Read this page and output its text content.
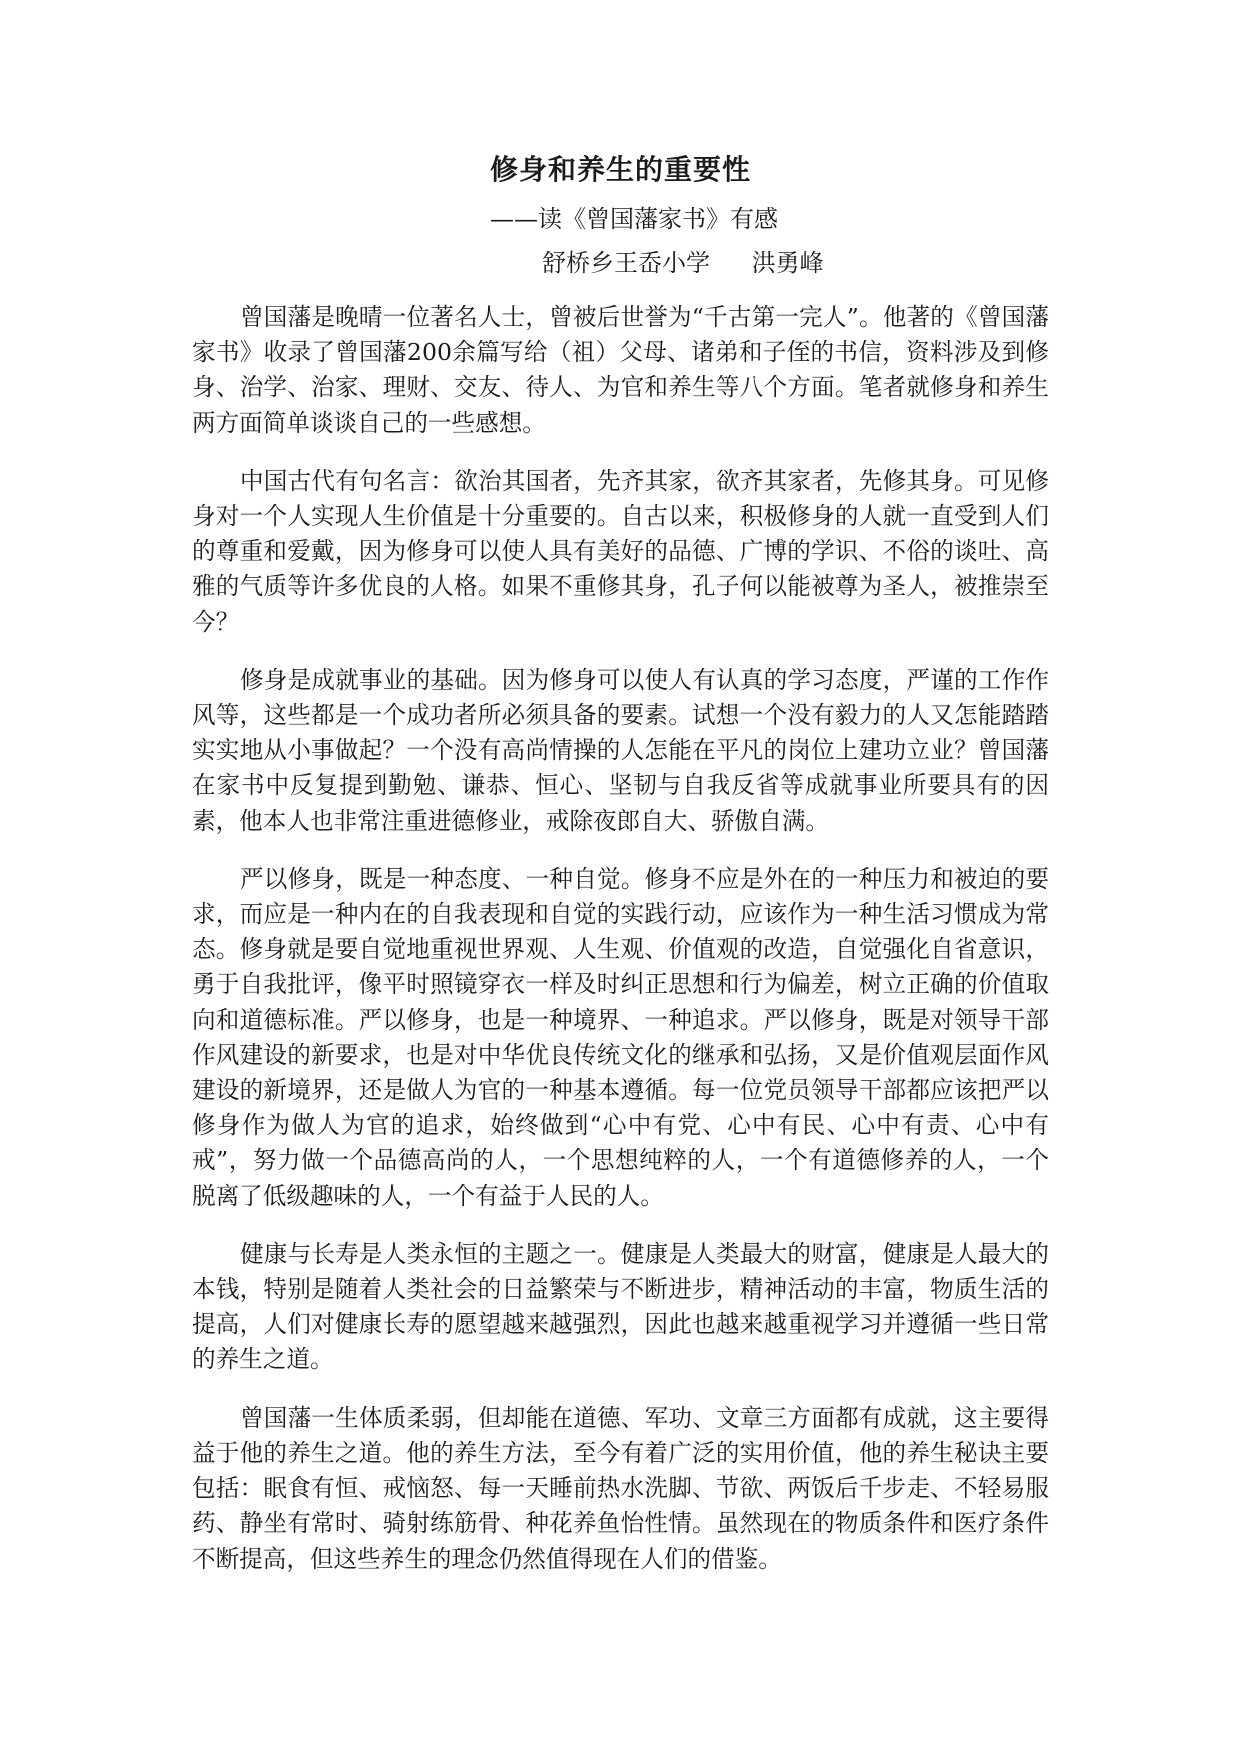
修身和养生的重要性
——读《曾国藩家书》有感
舒桥乡王岙小学 洪勇峰

曾国藩是晚晴一位著名人士，曾被后世誉为“千古第一完人”。他著的《曾国藩家书》收录了曾国藩200余篇写给（祖）父母、诸弟和子侄的书信，资料涉及到修身、治学、治家、理财、交友、待人、为官和养生等八个方面。笔者就修身和养生两方面简单谈谈自己的一些感想。

中国古代有句名言：欲治其国者，先齐其家，欲齐其家者，先修其身。可见修身对一个人实现人生价值是十分重要的。自古以来，积极修身的人就一直受到人们的尊重和爱戴，因为修身可以使人具有美好的品德、广博的学识、不俗的谈吐、高雅的气质等许多优良的人格。如果不重修其身，孔子何以能被尊为圣人，被推崇至今？

修身是成就事业的基础。因为修身可以使人有认真的学习态度，严谨的工作作风等，这些都是一个成功者所必须具备的要素。试想一个没有毅力的人又怎能踏踏实实地从小事做起？一个没有高尚情操的人怎能在平凡的岗位上建功立业？曾国藩在家书中反复提到勤勉、谦恭、恒心、坚韧与自我反省等成就事业所要具有的因素，他本人也非常注重进德修业，戒除夜郎自大、骄傲自满。

严以修身，既是一种态度、一种自觉。修身不应是外在的一种压力和被迫的要求，而应是一种内在的自我表现和自觉的实践行动，应该作为一种生活习惯成为常态。修身就是要自觉地重视世界观、人生观、价值观的改造，自觉强化自省意识，勇于自我批评，像平时照镜穿衣一样及时纠正思想和行为偏差，树立正确的价值取向和道德标准。严以修身，也是一种境界、一种追求。严以修身，既是对领导干部作风建设的新要求，也是对中华优良传统文化的继承和弘扬，又是价值观层面作风建设的新境界，还是做人为官的一种基本遵循。每一位党员领导干部都应该把严以修身作为做人为官的追求，始终做到“心中有党、心中有民、心中有责、心中有戒”，努力做一个品德高尚的人，一个思想纯粹的人，一个有道德修养的人，一个脱离了低级趣味的人，一个有益于人民的人。

健康与长寿是人类永恒的主题之一。健康是人类最大的财富，健康是人最大的本钱，特别是随着人类社会的日益繁荣与不断进步，精神活动的丰富，物质生活的提高，人们对健康长寿的愿望越来越强烈，因此也越来越重视学习并遵循一些日常的养生之道。

曾国藩一生体质柔弱，但却能在道德、军功、文章三方面都有成就，这主要得益于他的养生之道。他的养生方法，至今有着广泛的实用价值，他的养生秘诀主要包括：眠食有恒、戒恼怒、每一天睡前热水洗脚、节欲、两饭后千步走、不轻易服药、静坐有常时、骑射练筋骨、种花养鱼怡性情。虽然现在的物质条件和医疗条件不断提高，但这些养生的理念仍然值得现在人们的借鉴。
